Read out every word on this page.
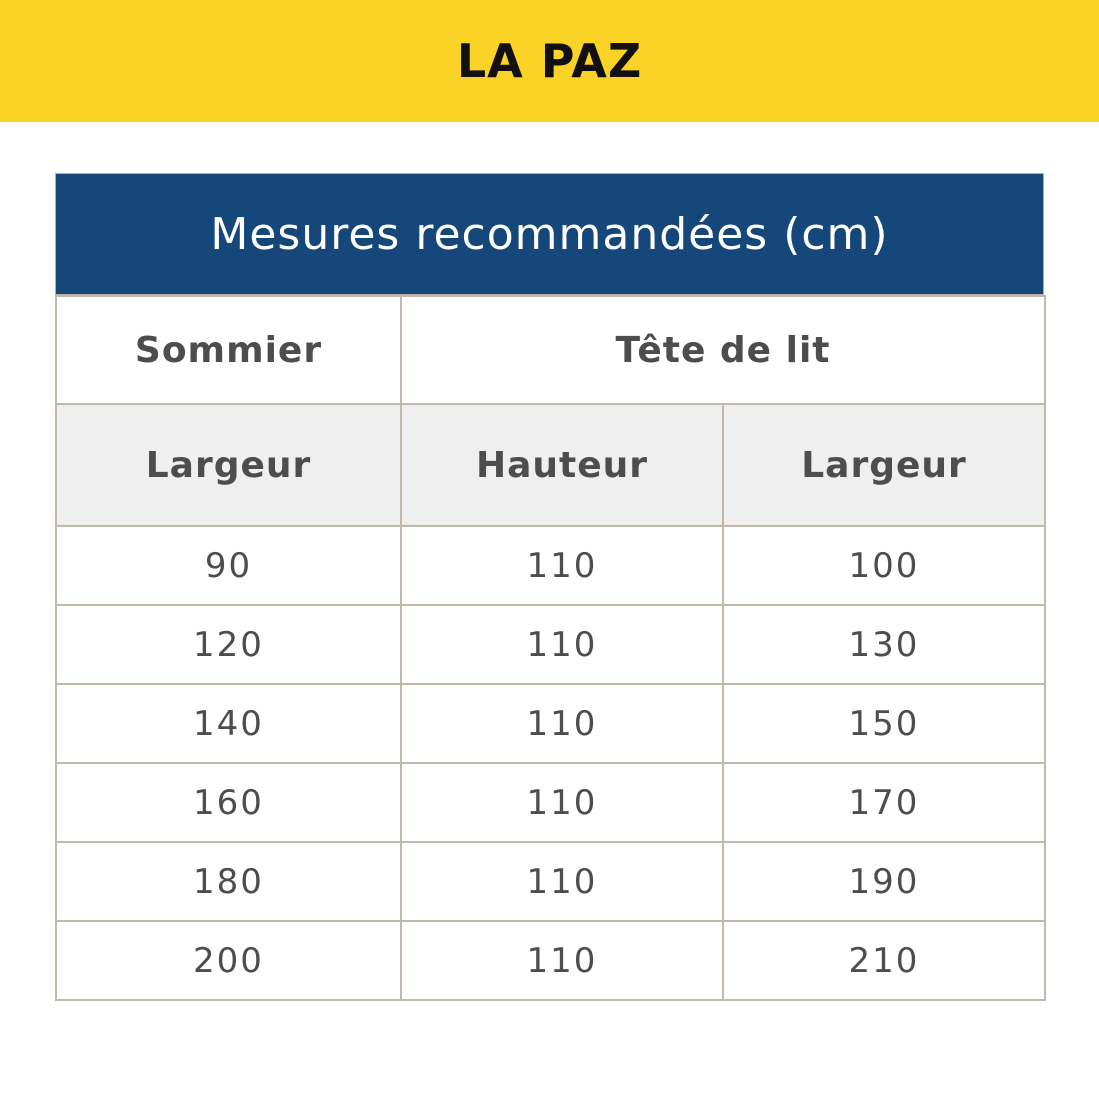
LA PAZ
Mesures recommandées (cm)
Sommier	Tête de lit	
Largeur	Hauteur	Largeur
90	110	100
120	110	130
140	110	150
160	110	170
180	110	190
200	110	210
